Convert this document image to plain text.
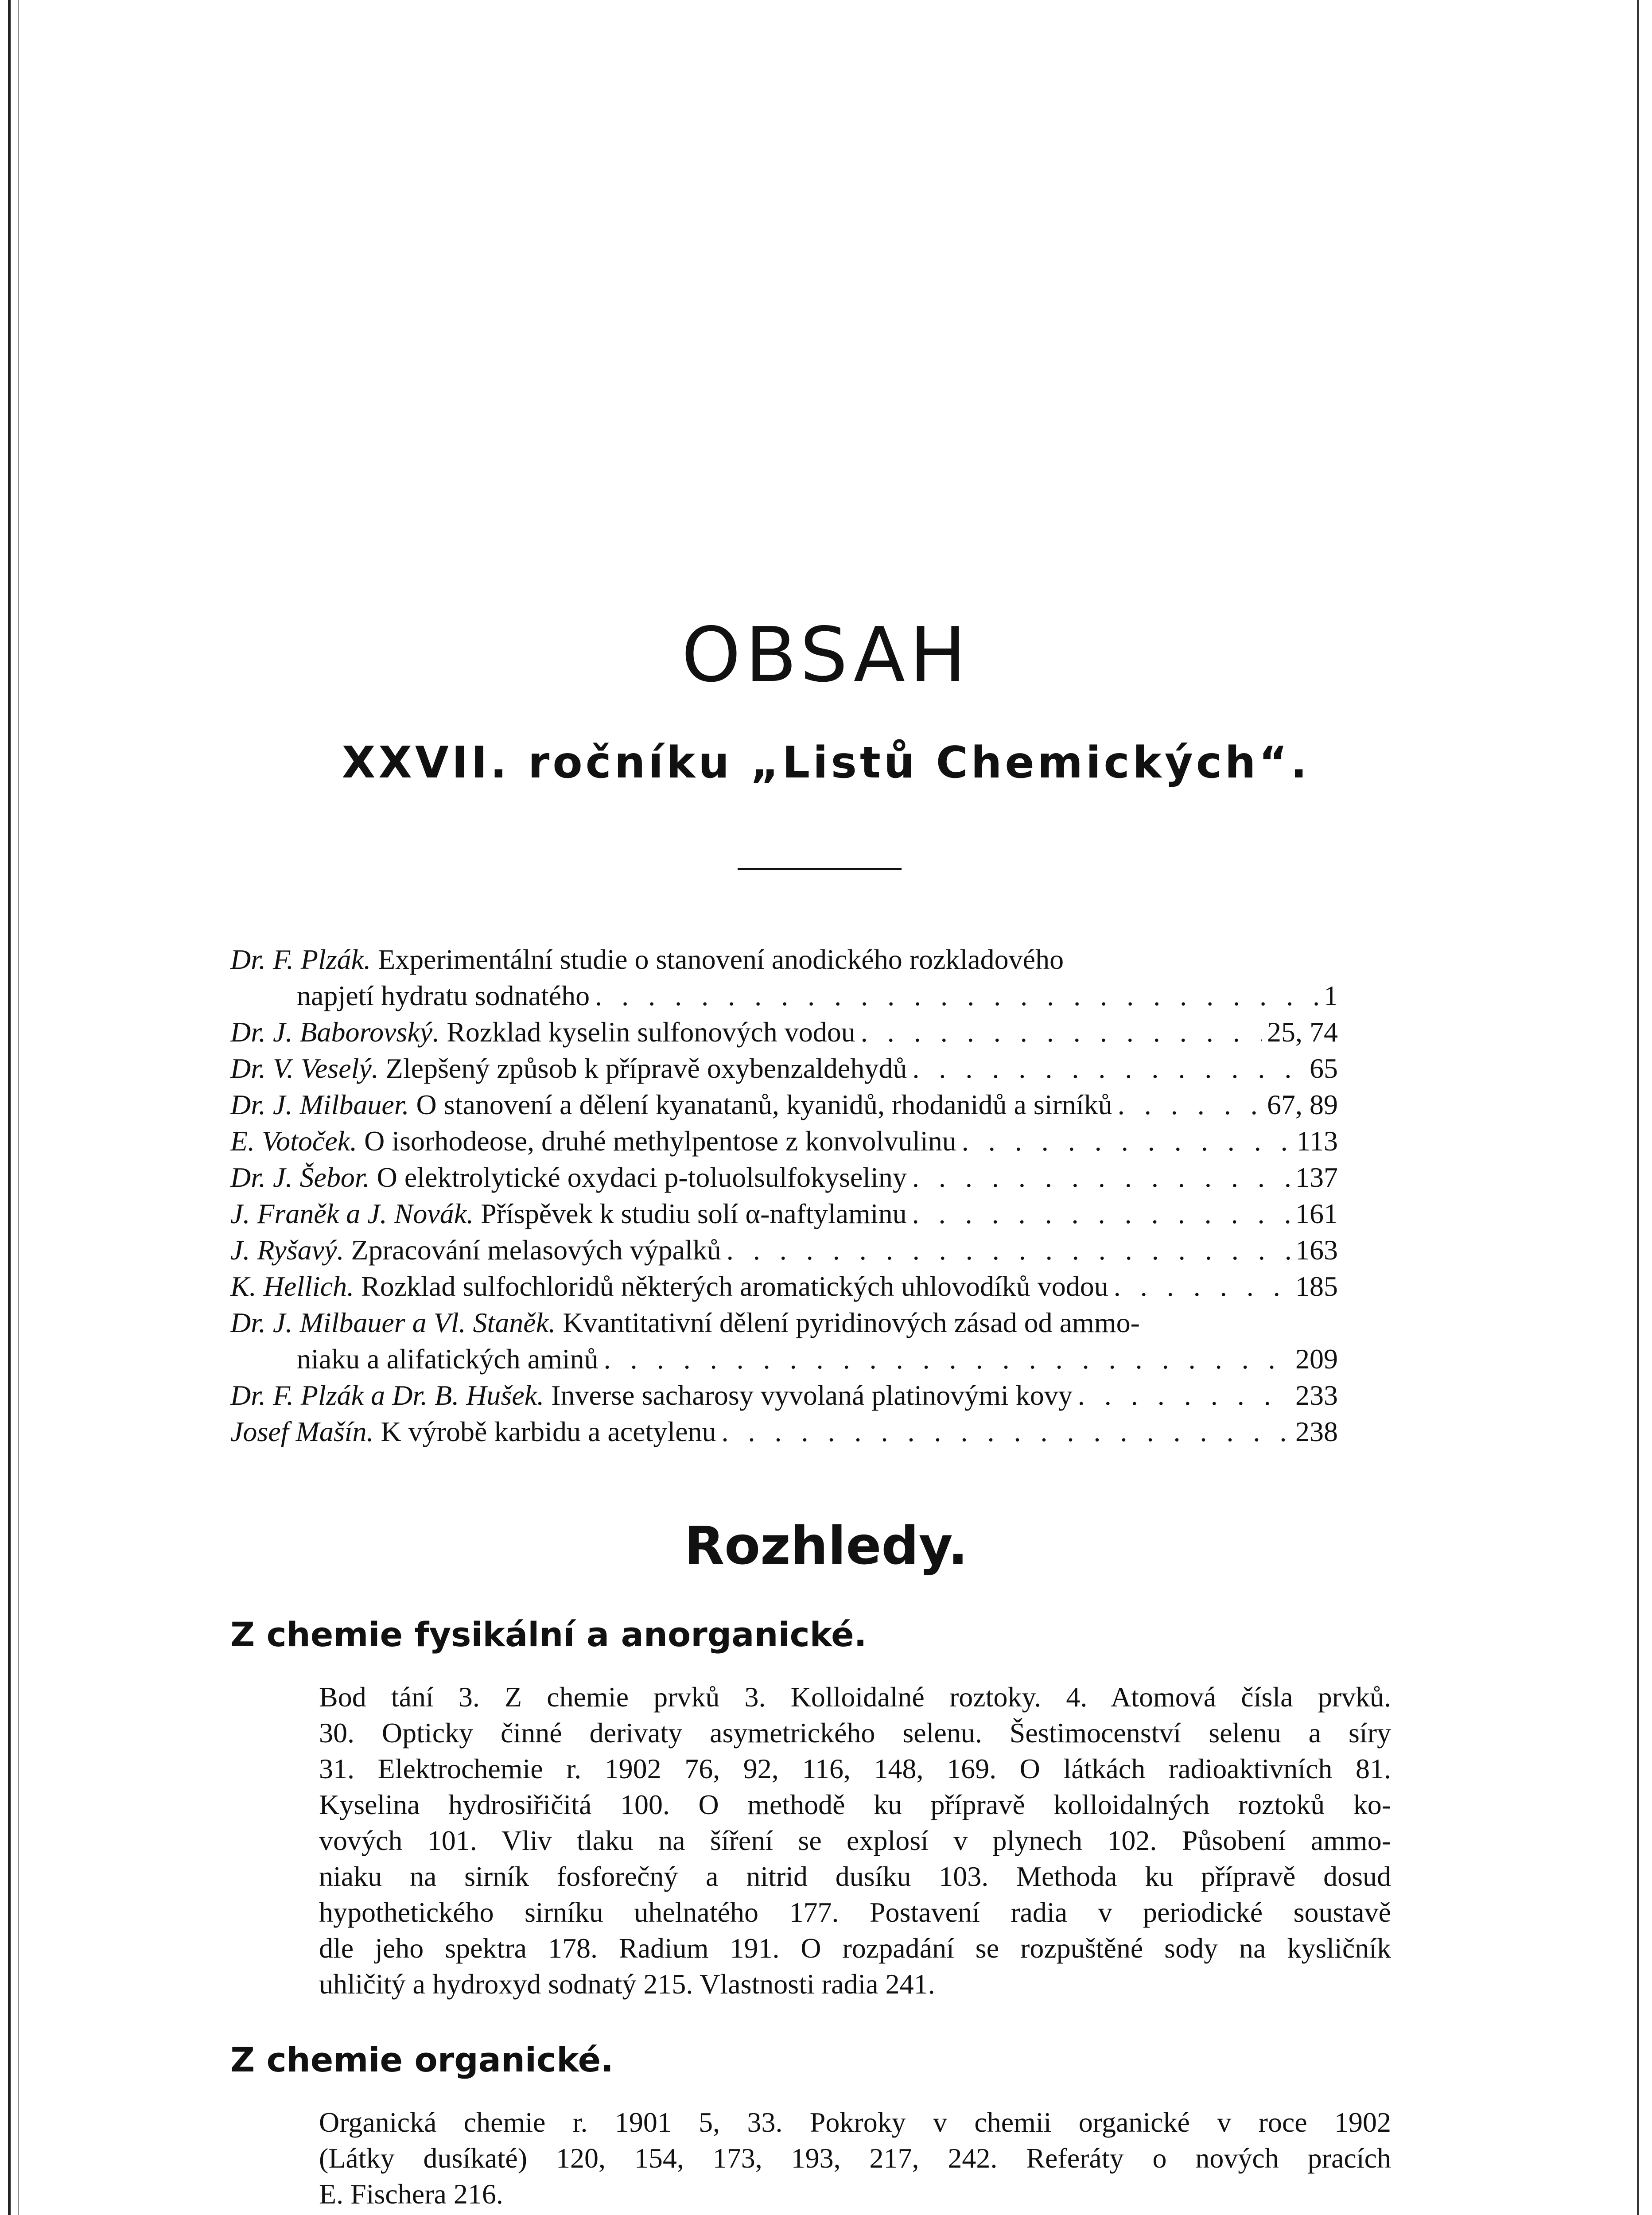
OBSAH
XXVII. ročníku „Listů Chemických“.
Dr. F. Plzák. Experimentální studie o stanovení anodického rozkladového
napjetí hydratu sodnatého . . .	1
Dr. J. Baborovský. Rozklad kyselin sulfonových vodou . . .	25, 74
Dr. V. Veselý. Zlepšený způsob k přípravě oxybenzaldehydů . . .	65
Dr. J. Milbauer. O stanovení a dělení kyanatanů, kyanidů, rhodanidů a sirníků . . .	67, 89
E. Votoček. O isorhodeose, druhé methylpentose z konvolvulinu . . .	113
Dr. J. Šebor. O elektrolytické oxydaci p-toluolsulfokyseliny . . .	137
J. Franěk a J. Novák. Příspěvek k studiu solí α-naftylaminu . . .	161
J. Ryšavý. Zpracování melasových výpalků . . .	163
K. Hellich. Rozklad sulfochloridů některých aromatických uhlovodíků vodou . . .	185
Dr. J. Milbauer a Vl. Staněk. Kvantitativní dělení pyridinových zásad od ammo-
niaku a alifatických aminů . . .	209
Dr. F. Plzák a Dr. B. Hušek. Inverse sacharosy vyvolaná platinovými kovy . . .	233
Josef Mašín. K výrobě karbidu a acetylenu . . .	238
Rozhledy.
Z chemie fysikální a anorganické.
Bod tání 3. Z chemie prvků 3. Kolloidalné roztoky. 4. Atomová čísla prvků.
30. Opticky činné derivaty asymetrického selenu. Šestimocenství selenu a síry
31. Elektrochemie r. 1902 76, 92, 116, 148, 169. O látkách radioaktivních 81.
Kyselina hydrosiřičitá 100. O methodě ku přípravě kolloidalných roztoků ko-
vových 101. Vliv tlaku na šíření se explosí v plynech 102. Působení ammo-
niaku na sirník fosforečný a nitrid dusíku 103. Methoda ku přípravě dosud
hypothetického sirníku uhelnatého 177. Postavení radia v periodické soustavě
dle jeho spektra 178. Radium 191. O rozpadání se rozpuštěné sody na kysličník
uhličitý a hydroxyd sodnatý 215. Vlastnosti radia 241.
Z chemie organické.
Organická chemie r. 1901 5, 33. Pokroky v chemii organické v roce 1902
(Látky dusíkaté) 120, 154, 173, 193, 217, 242. Referáty o nových pracích
E. Fischera 216.
